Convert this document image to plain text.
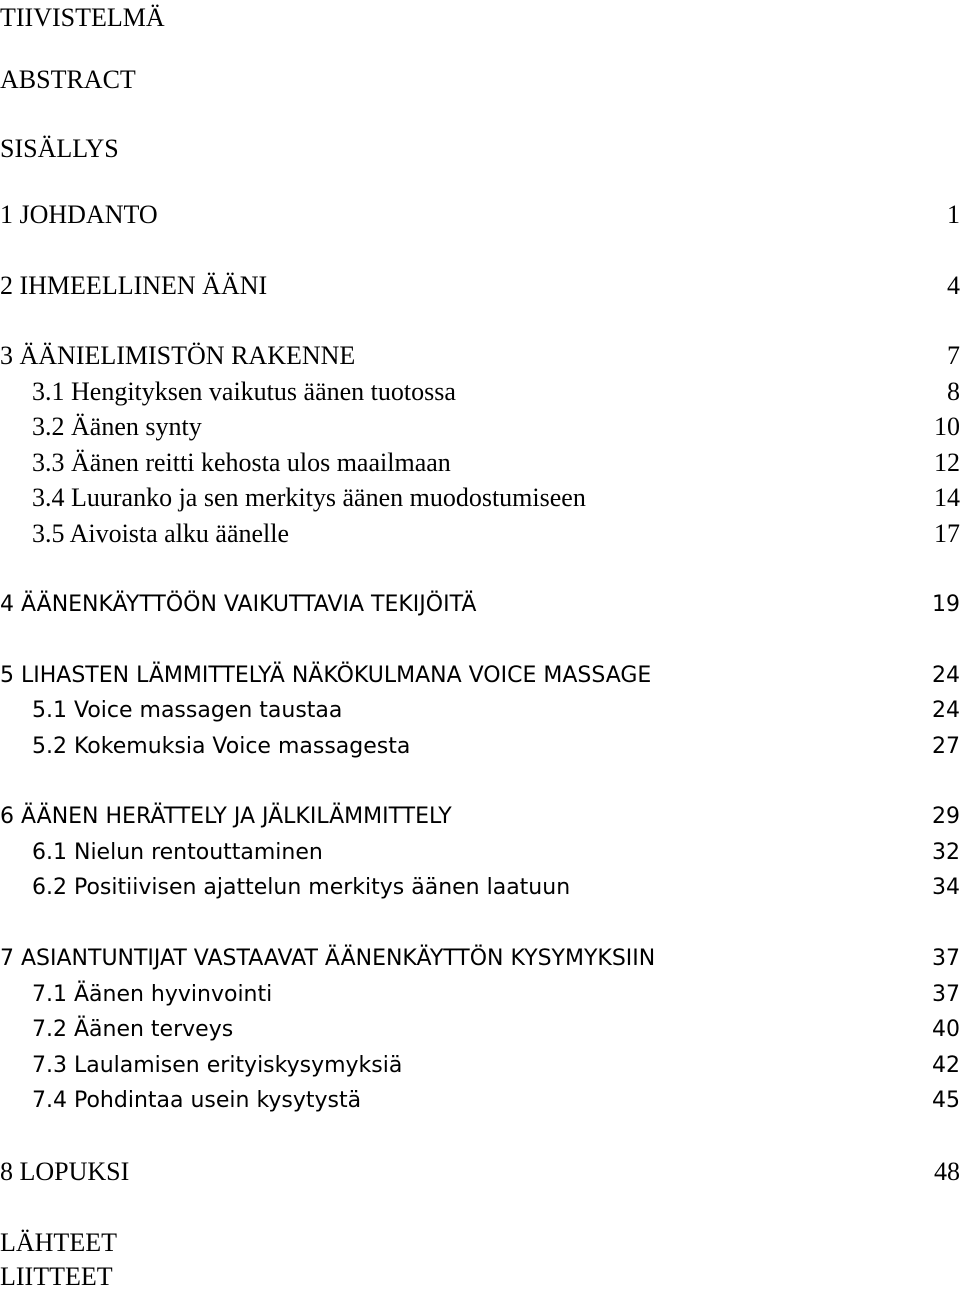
TIIVISTELMÄ
ABSTRACT
SISÄLLYS
1 JOHDANTO	1
2 IHMEELLINEN ÄÄNI	4
3 ÄÄNIELIMISTÖN RAKENNE	7
3.1 Hengityksen vaikutus äänen tuotossa	8
3.2 Äänen synty	10
3.3 Äänen reitti kehosta ulos maailmaan	12
3.4 Luuranko ja sen merkitys äänen muodostumiseen	14
3.5 Aivoista alku äänelle	17
4 ÄÄNENKÄYTTÖÖN VAIKUTTAVIA TEKIJÖITÄ	19
5 LIHASTEN LÄMMITTELYÄ NÄKÖKULMANA VOICE MASSAGE	24
5.1 Voice massagen taustaa	24
5.2 Kokemuksia Voice massagesta	27
6 ÄÄNEN HERÄTTELY JA JÄLKILÄMMITTELY	29
6.1 Nielun rentouttaminen	32
6.2 Positiivisen ajattelun merkitys äänen laatuun	34
7 ASIANTUNTIJAT VASTAAVAT ÄÄNENKÄYTTÖN KYSYMYKSIIN	37
7.1 Äänen hyvinvointi	37
7.2 Äänen terveys	40
7.3 Laulamisen erityiskysymyksiä	42
7.4 Pohdintaa usein kysytystä	45
8 LOPUKSI	48
LÄHTEET
LIITTEET
